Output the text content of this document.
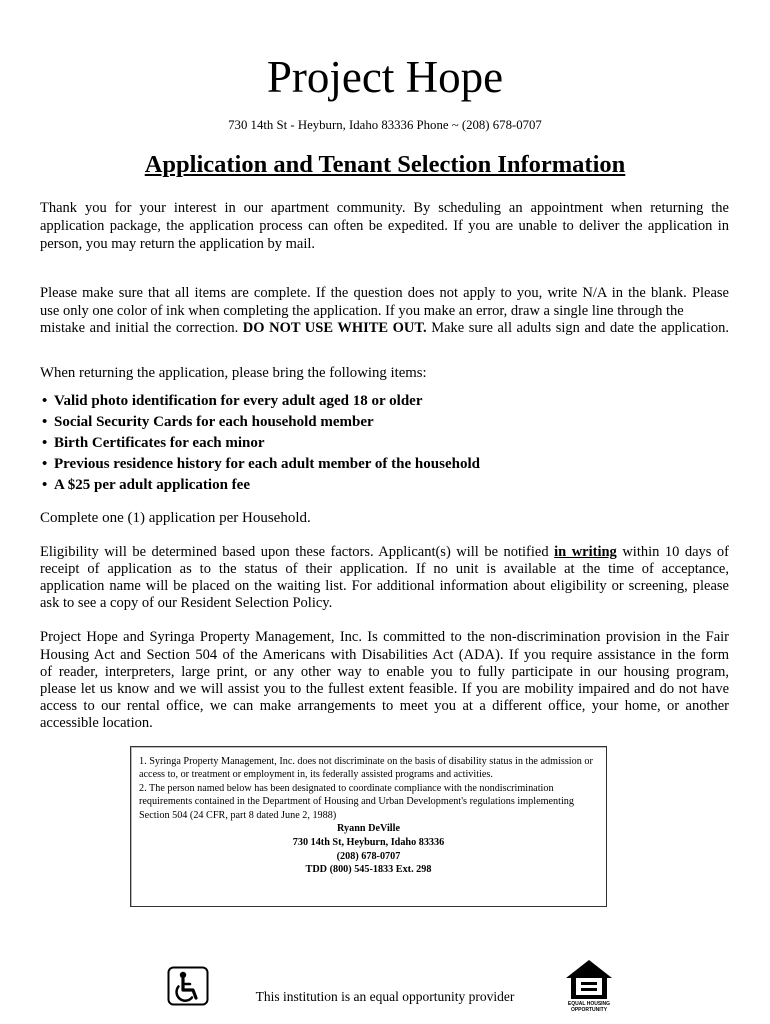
Project Hope
730 14th St - Heyburn, Idaho 83336 Phone ~ (208) 678-0707
Application and Tenant Selection Information
Thank you for your interest in our apartment community. By scheduling an appointment when returning the
application package, the application process can often be expedited. If you are unable to deliver the application in
person, you may return the application by mail.
Please make sure that all items are complete. If the question does not apply to you, write N/A in the blank. Please
use only one color of ink when completing the application. If you make an error, draw a single line through the
mistake and initial the correction. DO NOT USE WHITE OUT. Make sure all adults sign and date the application.
When returning the application, please bring the following items:
• Valid photo identification for every adult aged 18 or older
• Social Security Cards for each household member
• Birth Certificates for each minor
• Previous residence history for each adult member of the household
• A $25 per adult application fee
Complete one (1) application per Household.
Eligibility will be determined based upon these factors. Applicant(s) will be notified in writing within 10 days of
receipt of application as to the status of their application. If no unit is available at the time of acceptance,
application name will be placed on the waiting list. For additional information about eligibility or screening, please
ask to see a copy of our Resident Selection Policy.
Project Hope and Syringa Property Management, Inc. Is committed to the non-discrimination provision in the Fair
Housing Act and Section 504 of the Americans with Disabilities Act (ADA). If you require assistance in the form
of reader, interpreters, large print, or any other way to enable you to fully participate in our housing program,
please let us know and we will assist you to the fullest extent feasible. If you are mobility impaired and do not have
access to our rental office, we can make arrangements to meet you at a different office, your home, or another
accessible location.
1. Syringa Property Management, Inc. does not discriminate on the basis of disability status in the admission or
access to, or treatment or employment in, its federally assisted programs and activities.
2. The person named below has been designated to coordinate compliance with the nondiscrimination
requirements contained in the Department of Housing and Urban Development's regulations implementing
Section 504 (24 CFR, part 8 dated June 2, 1988)
Ryann DeVille
730 14th St, Heyburn, Idaho 83336
(208) 678-0707
TDD (800) 545-1833 Ext. 298
This institution is an equal opportunity provider	EQUAL HOUSING
OPPORTUNITY
